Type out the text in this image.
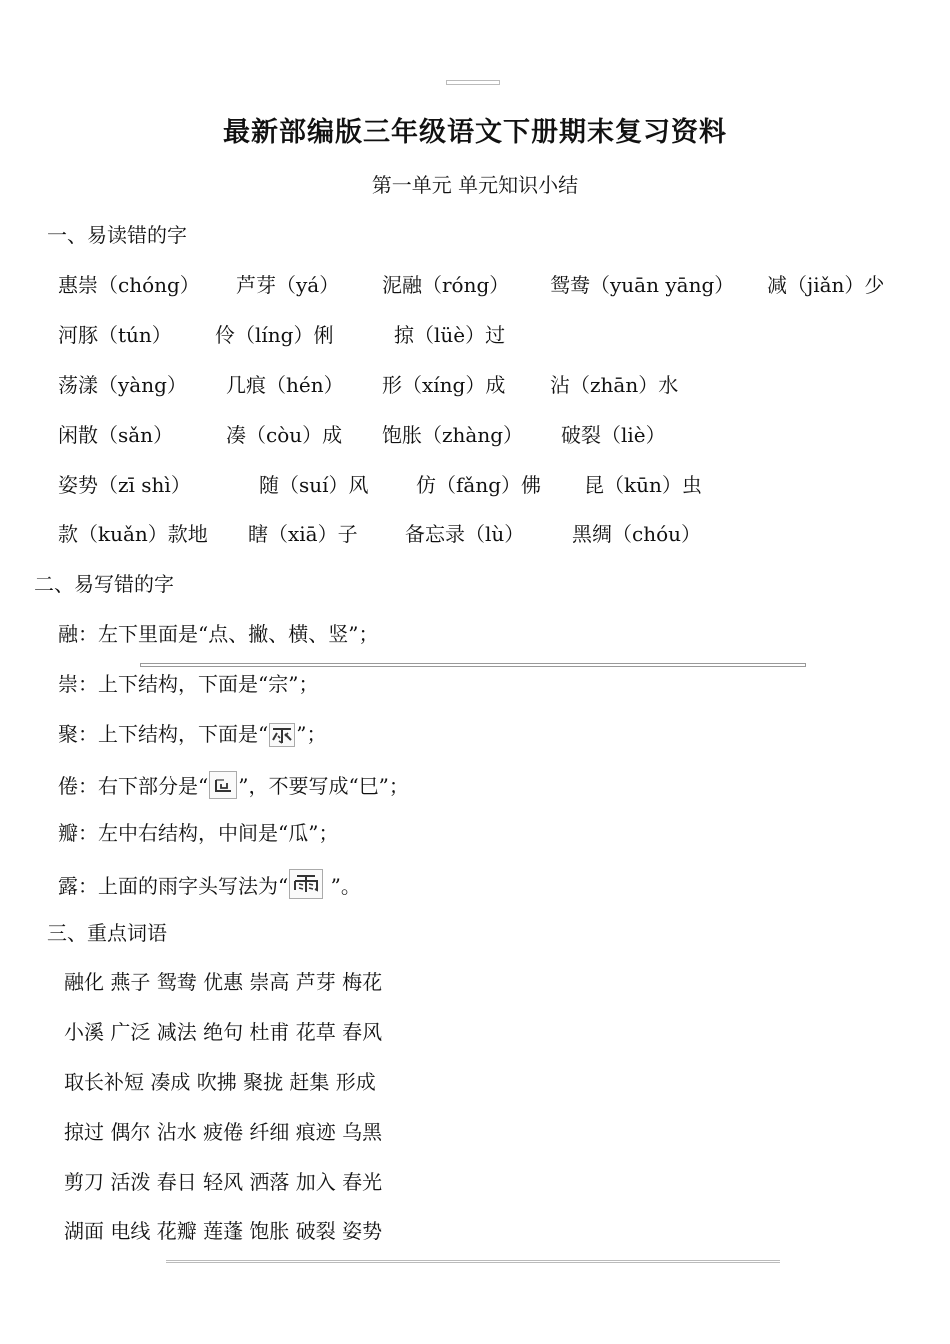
最新部编版三年级语文下册期末复习资料
第一单元 单元知识小结
一、易读错的字
惠崇（chóng） 芦芽（yá） 泥融（róng） 鸳鸯（yuān yāng） 减（jiǎn）少
河豚（tún） 伶（líng）俐	掠（lüè）过
荡漾（yàng） 几痕（hén） 形（xíng）成 沾（zhān）水
闲散（sǎn）	凑（còu）成 饱胀（zhàng） 破裂（liè）
姿势（zī shì）	随（suí）风 仿（fǎng）佛 昆（kūn）虫
款（kuǎn）款地 瞎（xiā）子 备忘录（lù） 黑绸（chóu）
二、易写错的字
融：左下里面是“点、撇、横、竖”；
崇：上下结构，下面是“宗”；
聚：上下结构，下面是“ ”；
倦：右下部分是“ ”，不要写成“巳”；
瓣：左中右结构，中间是“瓜”；
露：上面的雨字头写法为“
”。
三、重点词语
融化 燕子 鸳鸯 优惠 崇高 芦芽 梅花
小溪 广泛 减法 绝句 杜甫 花草 春风
取长补短 凑成 吹拂 聚拢 赶集 形成
掠过 偶尔 沾水 疲倦 纤细 痕迹 乌黑
剪刀 活泼 春日 轻风 洒落 加入 春光
湖面 电线 花瓣 莲蓬 饱胀 破裂 姿势
